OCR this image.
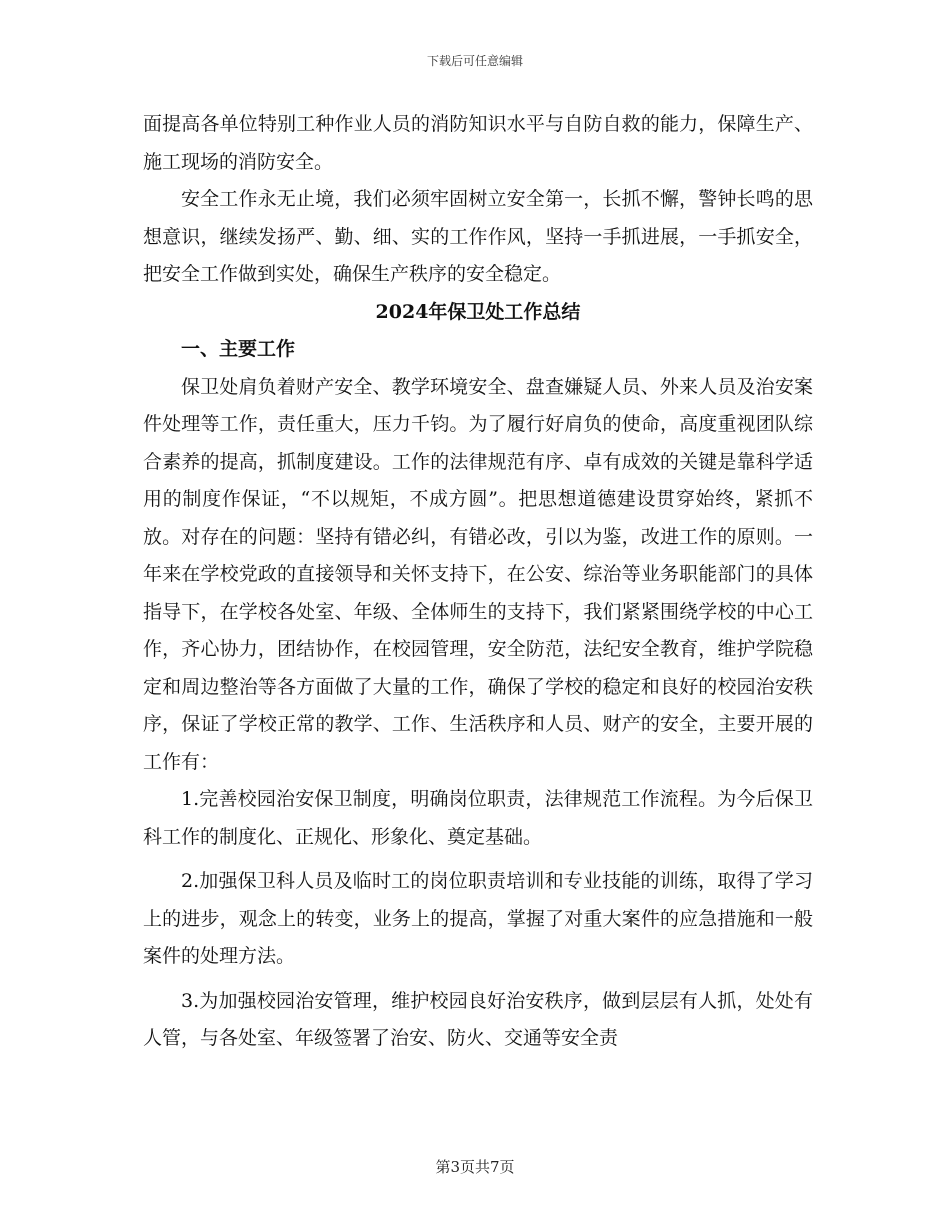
下载后可任意编辑

面提高各单位特别工种作业人员的消防知识水平与自防自救的能力，保障生产、施工现场的消防安全。

安全工作永无止境，我们必须牢固树立安全第一，长抓不懈，警钟长鸣的思想意识，继续发扬严、勤、细、实的工作作风，坚持一手抓进展，一手抓安全，把安全工作做到实处，确保生产秩序的安全稳定。

2024年保卫处工作总结

一、主要工作

保卫处肩负着财产安全、教学环境安全、盘查嫌疑人员、外来人员及治安案件处理等工作，责任重大，压力千钧。为了履行好肩负的使命，高度重视团队综合素养的提高，抓制度建设。工作的法律规范有序、卓有成效的关键是靠科学适用的制度作保证，“不以规矩，不成方圆”。把思想道德建设贯穿始终，紧抓不放。对存在的问题：坚持有错必纠，有错必改，引以为鉴，改进工作的原则。一年来在学校党政的直接领导和关怀支持下，在公安、综治等业务职能部门的具体指导下，在学校各处室、年级、全体师生的支持下，我们紧紧围绕学校的中心工作，齐心协力，团结协作，在校园管理，安全防范，法纪安全教育，维护学院稳定和周边整治等各方面做了大量的工作，确保了学校的稳定和良好的校园治安秩序，保证了学校正常的教学、工作、生活秩序和人员、财产的安全，主要开展的工作有：

1.完善校园治安保卫制度，明确岗位职责，法律规范工作流程。为今后保卫科工作的制度化、正规化、形象化、奠定基础。

2.加强保卫科人员及临时工的岗位职责培训和专业技能的训练，取得了学习上的进步，观念上的转变，业务上的提高，掌握了对重大案件的应急措施和一般案件的处理方法。

3.为加强校园治安管理，维护校园良好治安秩序，做到层层有人抓，处处有人管，与各处室、年级签署了治安、防火、交通等安全责

第3页共7页
